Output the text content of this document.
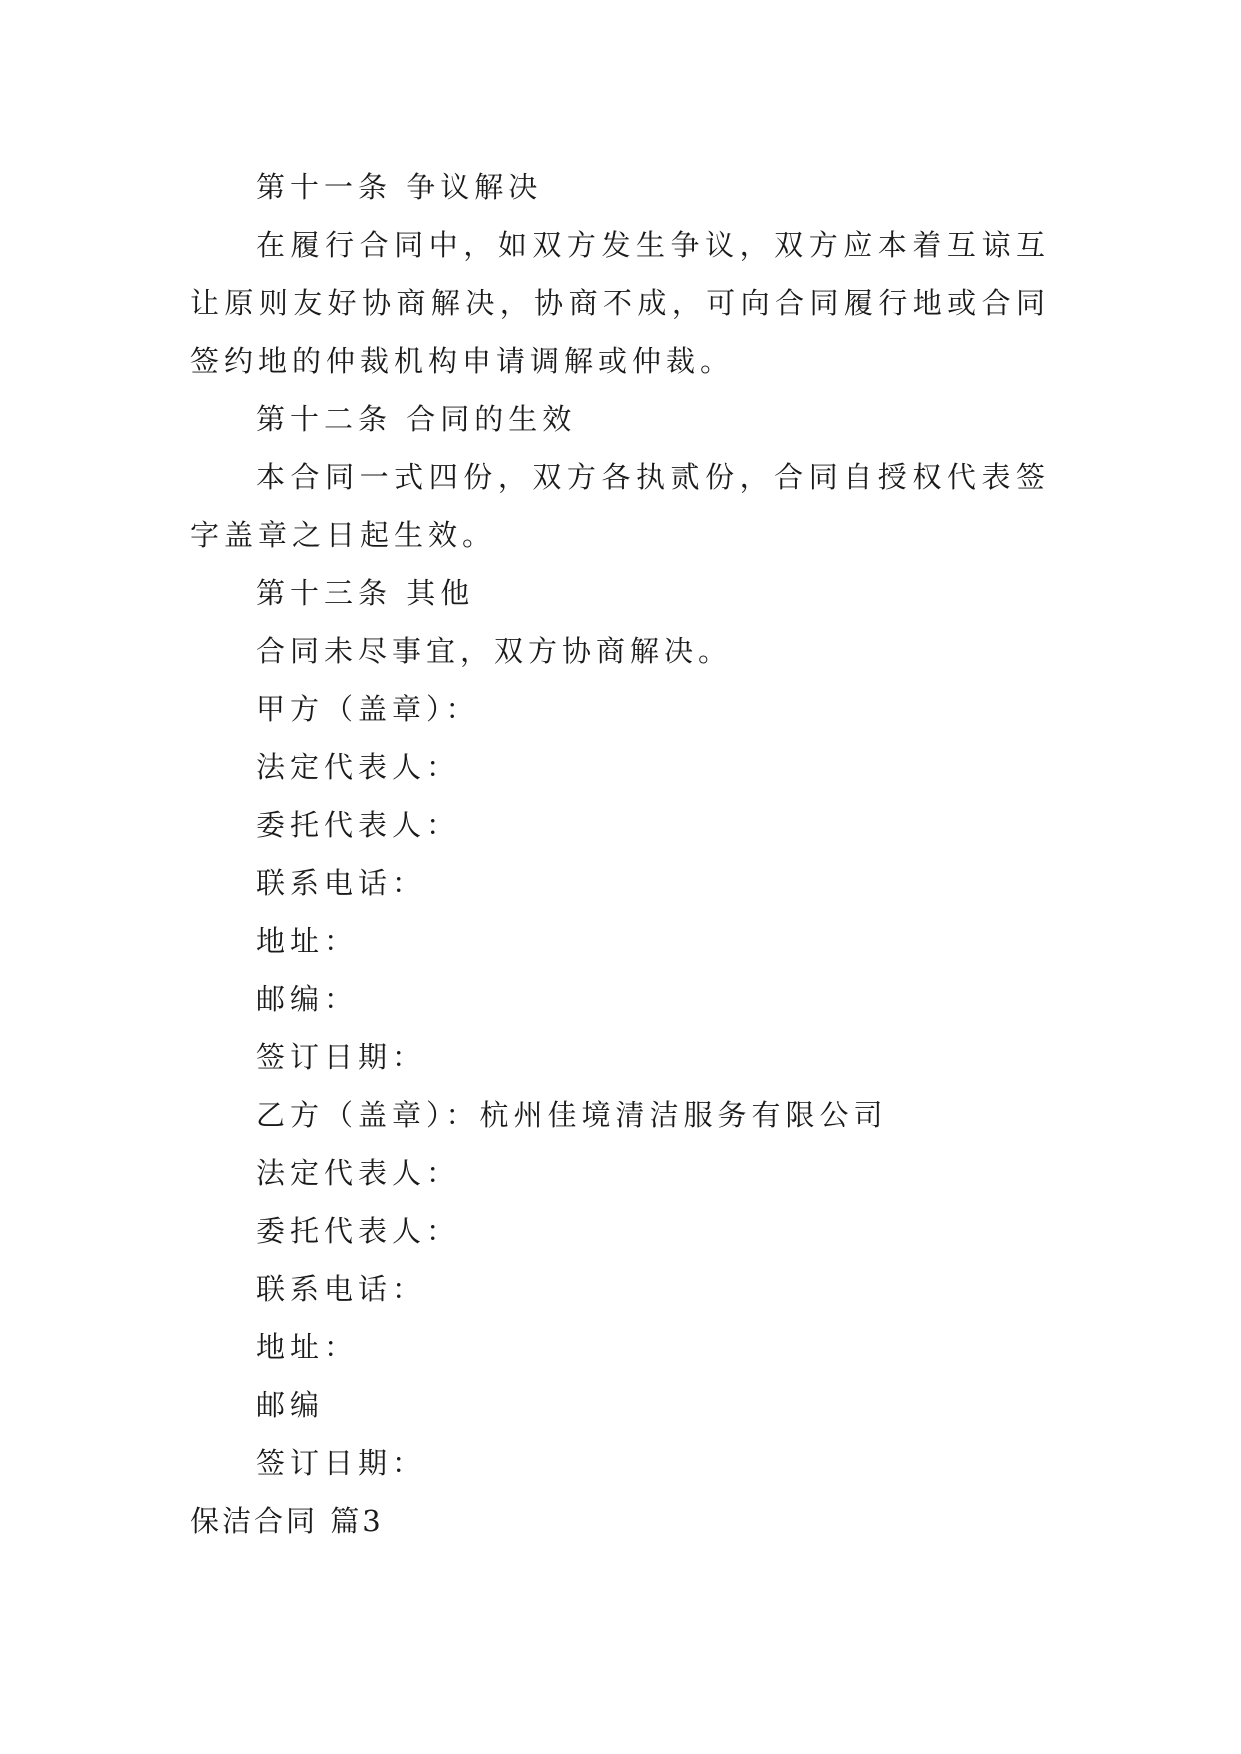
第十一条 争议解决

在履行合同中，如双方发生争议，双方应本着互谅互让原则友好协商解决，协商不成，可向合同履行地或合同签约地的仲裁机构申请调解或仲裁。

第十二条 合同的生效

本合同一式四份，双方各执贰份，合同自授权代表签字盖章之日起生效。

第十三条 其他

合同未尽事宜，双方协商解决。

甲方（盖章）：

法定代表人：

委托代表人：

联系电话：

地址：

邮编：

签订日期：

乙方（盖章）：杭州佳境清洁服务有限公司

法定代表人：

委托代表人：

联系电话：

地址：

邮编

签订日期：

保洁合同 篇3
